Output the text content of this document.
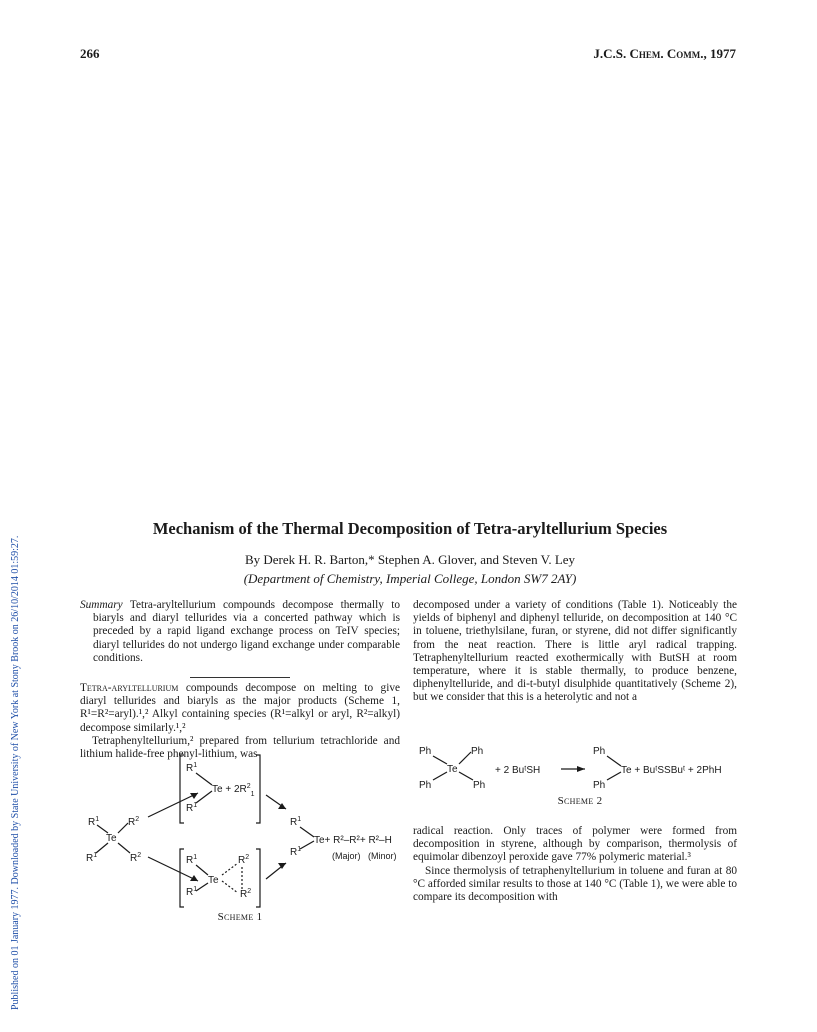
Published on 01 January 1977. Downloaded by State University of New York at Stony Brook on 26/10/2014 01:59:27.
266	J.C.S. Chem. Comm., 1977
$R^1$	$R^2$
Te
$R^1$	$R^2$
$R^1$
$R^1$
$Te + 2R^2_1$
$R^1$
$R^1$
$R^2$
$R^2$
Te
$R^1$
$R^1$
Te+ R²–R²+ R²–H
(Major) (Minor)
Scheme 1
Ph	Ph
Ph	Ph
Te	+ 2 BuᵗSH
Ph
Ph
Te + BuᵗSSBuᵗ + 2PhH
Scheme 2
Mechanism of the Thermal Decomposition of Tetra-aryltellurium Species
By Derek H. R. Barton,* Stephen A. Glover, and Steven V. Ley
(Department of Chemistry, Imperial College, London SW7 2AY)

Summary Tetra-aryltellurium compounds decompose thermally to biaryls and diaryl tellurides via a concerted pathway which is preceded by a rapid ligand exchange process on TeIV species; diaryl tellurides do not undergo ligand exchange under comparable conditions.

Tetra-aryltellurium compounds decompose on melting to give diaryl tellurides and biaryls as the major products (Scheme 1, R¹=R²=aryl).¹,² Alkyl containing species (R¹=alkyl or aryl, R²=alkyl) decompose similarly.¹,²

Tetraphenyltellurium,² prepared from tellurium tetrachloride and lithium halide-free phenyl-lithium, was

decomposed under a variety of conditions (Table 1). Noticeably the yields of biphenyl and diphenyl telluride, on decomposition at 140 °C in toluene, triethylsilane, furan, or styrene, did not differ significantly from the neat reaction. There is little aryl radical trapping. Tetraphenyltellurium reacted exothermically with ButSH at room temperature, where it is stable thermally, to produce benzene, diphenyltelluride, and di-t-butyl disulphide quantitatively (Scheme 2), but we consider that this is a heterolytic and not a

radical reaction. Only traces of polymer were formed from decomposition in styrene, although by comparison, thermolysis of equimolar dibenzoyl peroxide gave 77% polymeric material.³

Since thermolysis of tetraphenyltellurium in toluene and furan at 80 °C afforded similar results to those at 140 °C (Table 1), we were able to compare its decomposition with
